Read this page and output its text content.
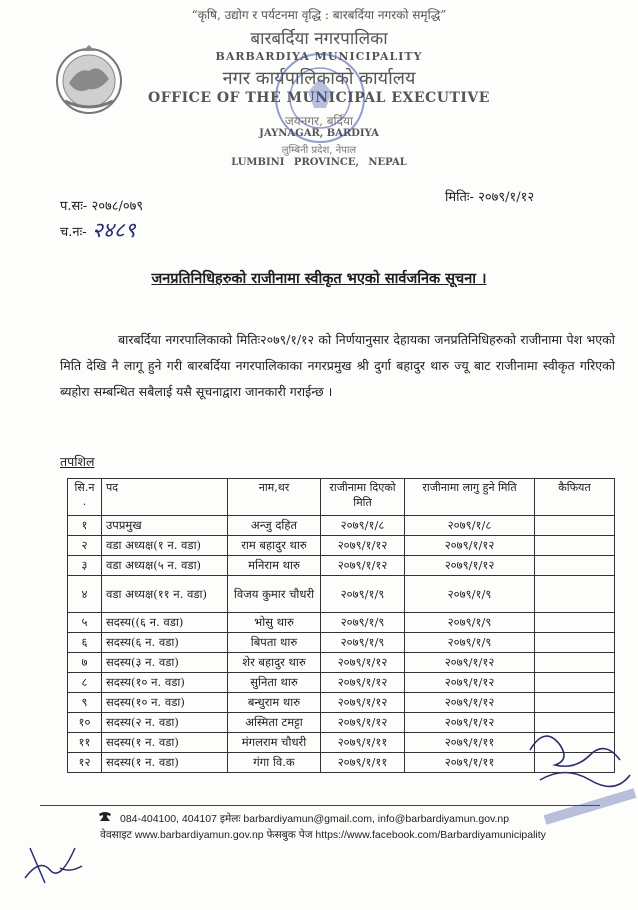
“कृषि, उद्योग र पर्यटनमा वृद्धि : बारबर्दिया नगरको समृद्धि”
बारबर्दिया नगरपालिका
BARBARDIYA MUNICIPALITY
नगर कार्यपालिकाको कार्यालय
OFFICE OF THE MUNICIPAL EXECUTIVE
जयनगर, बर्दिया
JAYNAGAR, BARDIYA
लुम्बिनी प्रदेश, नेपाल
LUMBINI PROVINCE, NEPAL
मितिः- २०७९/१/१२
प.सः- २०७८/०७९
च.नः- २४८९
जनप्रतिनिधिहरुको राजीनामा स्वीकृत भएको सार्वजनिक सूचना ।
बारबर्दिया नगरपालिकाको मितिः२०७९/१/१२ को निर्णयानुसार देहायका जनप्रतिनिधिहरुको राजीनामा पेश भएको मिति देखि नै लागू हुने गरी बारबर्दिया नगरपालिकाका नगरप्रमुख श्री दुर्गा बहादुर थारु ज्यू बाट राजीनामा स्वीकृत गरिएको ब्यहोरा सम्बन्धित सबैलाई यसै सूचनाद्वारा जानकारी गराईन्छ ।
तपशिल
सि.न .	पद	नाम,थर	राजीनामा दिएको मिति	राजीनामा लागु हुने मिति	कैफियत
१	उपप्रमुख	अन्जु दहित	२०७९/१/८	२०७९/१/८	
२	वडा अध्यक्ष(१ न. वडा)	राम बहादुर थारु	२०७९/१/१२	२०७९/१/१२	
३	वडा अध्यक्ष(५ न. वडा)	मनिराम थारु	२०७९/१/१२	२०७९/१/१२	
४	वडा अध्यक्ष(११ न. वडा)	विजय कुमार चौधरी	२०७९/१/९	२०७९/१/९	
५	सदस्य((६ न. वडा)	भोसु थारु	२०७९/१/९	२०७९/१/९	
६	सदस्य(६ न. वडा)	बिपता थारु	२०७९/१/९	२०७९/१/९	
७	सदस्य(३ न. वडा)	शेर बहादुर थारु	२०७९/१/१२	२०७९/१/१२	
८	सदस्य(१० न. वडा)	सुनिता थारु	२०७९/१/१२	२०७९/१/१२	
९	सदस्य(१० न. वडा)	बन्धुराम थारु	२०७९/१/१२	२०७९/१/१२	
१०	सदस्य(२ न. वडा)	अस्मिता टमट्टा	२०७९/१/१२	२०७९/१/१२	
११	सदस्य(१ न. वडा)	मंगलराम चौधरी	२०७९/१/११	२०७९/१/११	
१२	सदस्य(१ न. वडा)	गंगा वि.क	२०७९/१/११	२०७९/१/११	
084-404100, 404107 इमेलः barbardiyamun@gmail.com, info@barbardiyamun.gov.np
वेवसाइट www.barbardiyamun.gov.np फेसबुक पेज https://www.facebook.com/Barbardiyamunicipality
